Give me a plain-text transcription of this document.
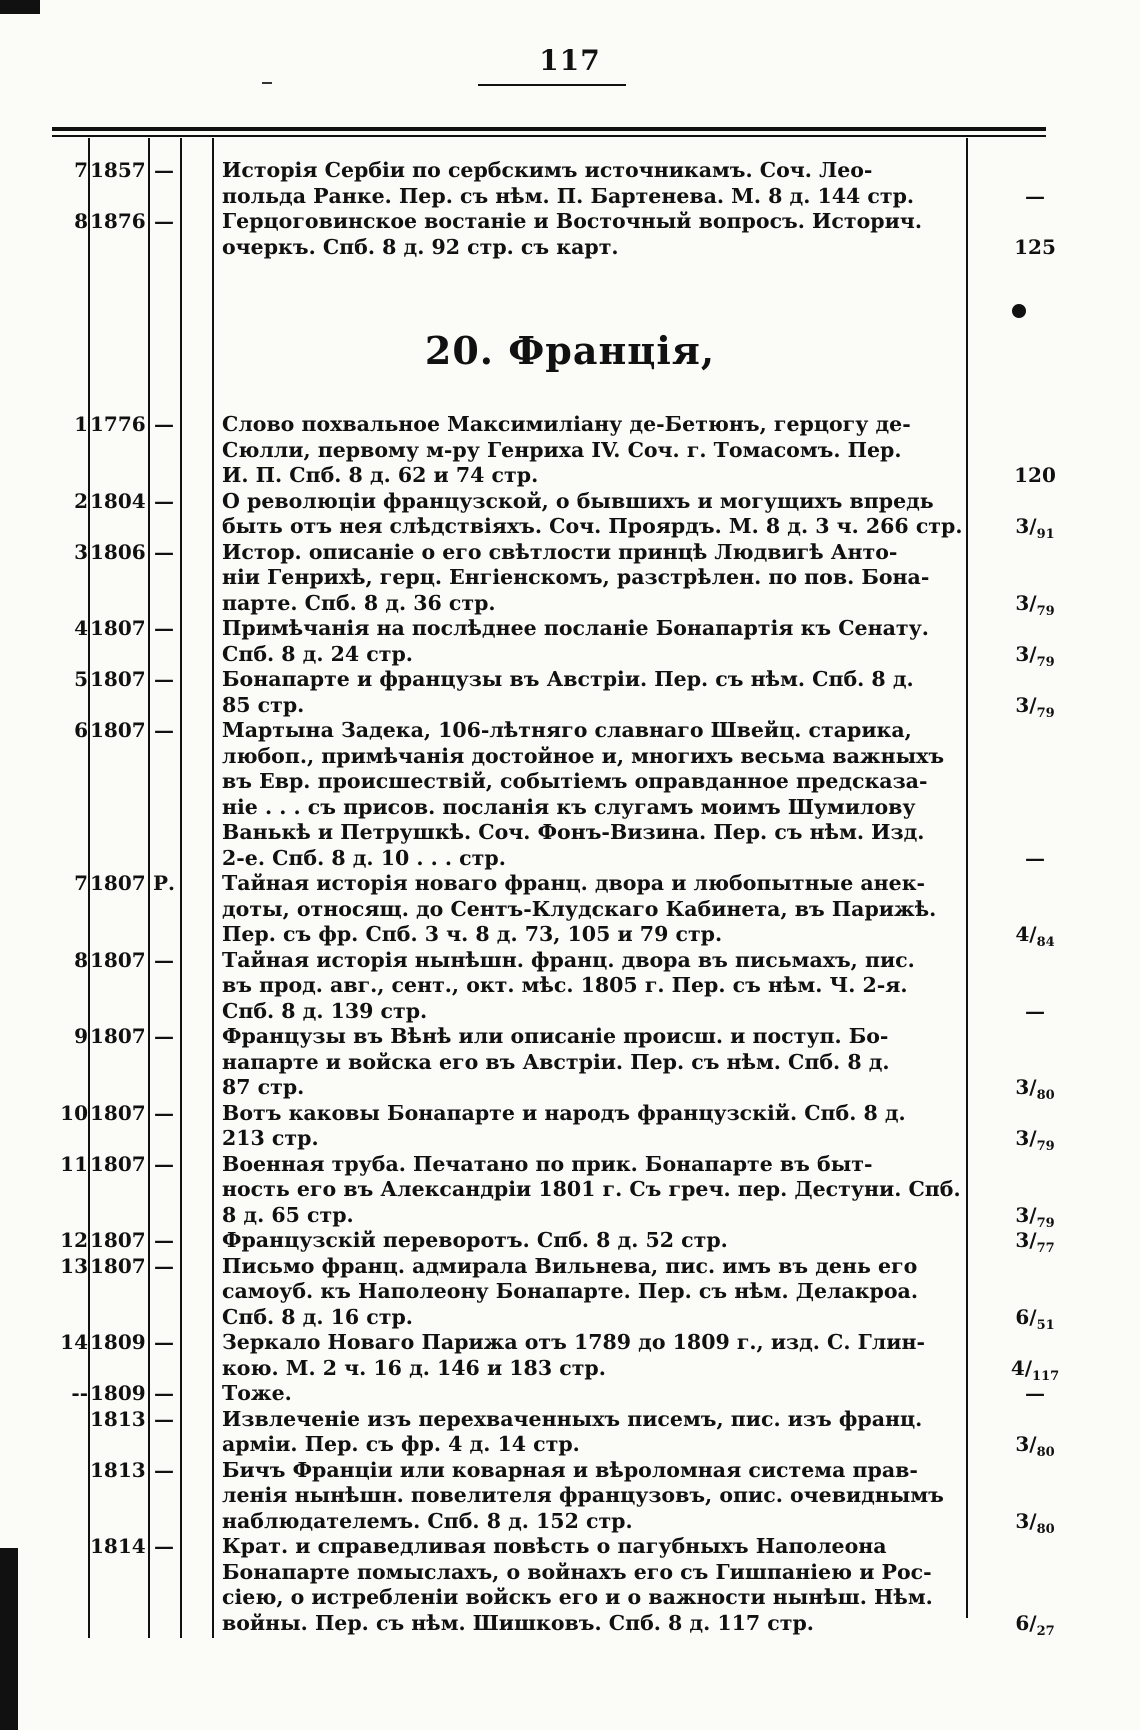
117
20. Франція,
7 1857 — Исторія Сербіи по сербскимъ источникамъ. Соч. Лео-
польда Ранке. Пер. съ нѣм. П. Бартенева. М. 8 д. 144 стр.	—
8 1876 — Герцоговинское востаніе и Восточный вопросъ. Историч.
очеркъ. Спб. 8 д. 92 стр. съ карт.	125
1 1776 — Слово похвальное Максимиліану де-Бетюнъ, герцогу де-
Сюлли, первому м-ру Генриха IV. Соч. г. Томасомъ. Пер.
И. П. Спб. 8 д. 62 и 74 стр.	120
2 1804 — О революціи французской, о бывшихъ и могущихъ впредь
быть отъ нея слѣдствіяхъ. Соч. Проярдъ. М. 8 д. 3 ч. 266 стр.	$3/_{91}$
3 1806 — Истор. описаніе о его свѣтлости принцѣ Людвигѣ Анто-
ніи Генрихѣ, герц. Енгіенскомъ, разстрѣлен. по пов. Бона-
парте. Спб. 8 д. 36 стр.	$3/_{79}$
4 1807 — Примѣчанія на послѣднее посланіе Бонапартія къ Сенату.
Спб. 8 д. 24 стр.	$3/_{79}$
5 1807 — Бонапарте и французы въ Австріи. Пер. съ нѣм. Спб. 8 д.
85 стр.	$3/_{79}$
6 1807 — Мартына Задека, 106-лѣтняго славнаго Швейц. старика,
любоп., примѣчанія достойное и, многихъ весьма важныхъ
въ Евр. происшествій, событіемъ оправданное предсказа-
ніе . . . съ присов. посланія къ слугамъ моимъ Шумилову
Ванькѣ и Петрушкѣ. Соч. Фонъ-Визина. Пер. съ нѣм. Изд.
2-е. Спб. 8 д. 10 . . . стр.	—
7 1807 Р. Тайная исторія новаго франц. двора и любопытные анек-
доты, относящ. до Сентъ-Клудскаго Кабинета, въ Парижѣ.
Пер. съ фр. Спб. 3 ч. 8 д. 73, 105 и 79 стр.	$4/_{84}$
8 1807 — Тайная исторія нынѣшн. франц. двора въ письмахъ, пис.
въ прод. авг., сент., окт. мѣс. 1805 г. Пер. съ нѣм. Ч. 2-я.
Спб. 8 д. 139 стр.	—
9 1807 — Французы въ Вѣнѣ или описаніе происш. и поступ. Бо-
напарте и войска его въ Австріи. Пер. съ нѣм. Спб. 8 д.
87 стр.	$3/_{80}$
10 1807 — Вотъ каковы Бонапарте и народъ французскій. Спб. 8 д.
213 стр.	$3/_{79}$
11 1807 — Военная труба. Печатано по прик. Бонапарте въ быт-
ность его въ Александріи 1801 г. Съ греч. пер. Дестуни. Спб.
8 д. 65 стр.	$3/_{79}$
12 1807 — Французскій переворотъ. Спб. 8 д. 52 стр.	$3/_{77}$
13 1807 — Письмо франц. адмирала Вильнева, пис. имъ въ день его
самоуб. къ Наполеону Бонапарте. Пер. съ нѣм. Делакроа.
Спб. 8 д. 16 стр.	$6/_{51}$
14 1809 — Зеркало Новаго Парижа отъ 1789 до 1809 г., изд. С. Глин-
кою. М. 2 ч. 16 д. 146 и 183 стр.	$4/_{117}$
-- 1809 — Тоже.	—
1813 — Извлеченіе изъ перехваченныхъ писемъ, пис. изъ франц.
арміи. Пер. съ фр. 4 д. 14 стр.	$3/_{80}$
1813 — Бичъ Франціи или коварная и вѣроломная система прав-
ленія нынѣшн. повелителя французовъ, опис. очевиднымъ
наблюдателемъ. Спб. 8 д. 152 стр.	$3/_{80}$
1814 — Крат. и справедливая повѣсть о пагубныхъ Наполеона
Бонапарте помыслахъ, о войнахъ его съ Гишпаніею и Рос-
сіею, о истребленіи войскъ его и о важности нынѣш. Нѣм.
войны. Пер. съ нѣм. Шишковъ. Спб. 8 д. 117 стр.	$6/_{27}$
